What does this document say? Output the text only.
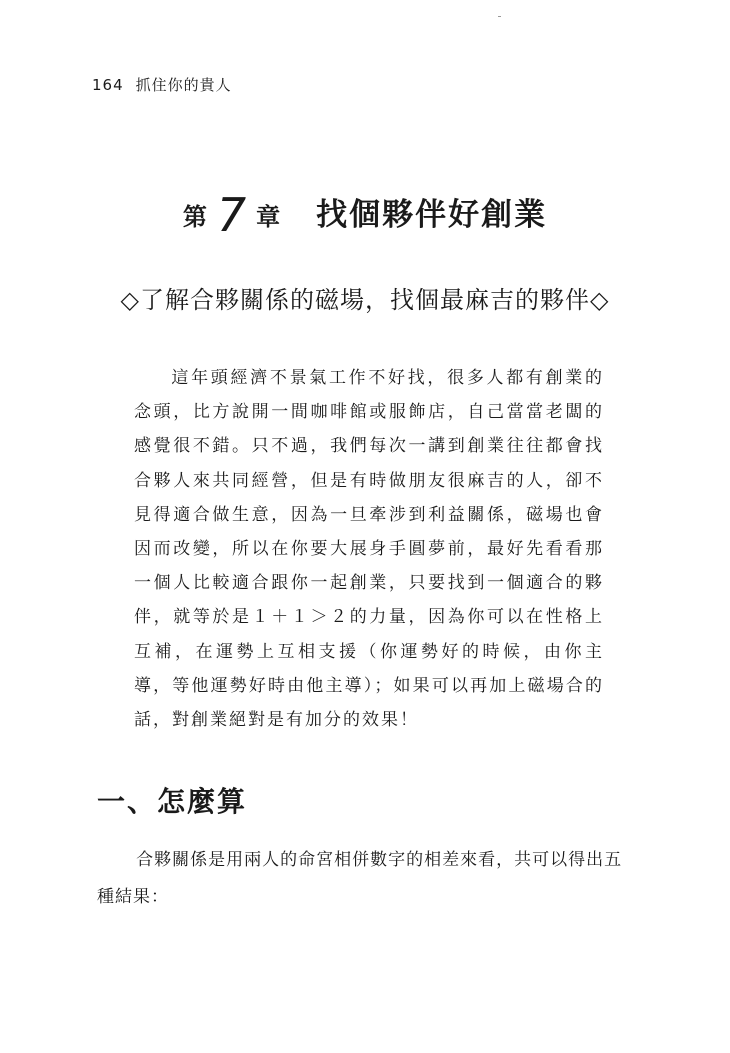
164 抓住你的貴人
第 7 章 找個夥伴好創業
◇了解合夥關係的磁場，找個最麻吉的夥伴◇
這年頭經濟不景氣工作不好找，很多人都有創業的念頭，比方說開一間咖啡館或服飾店，自己當當老闆的感覺很不錯。只不過，我們每次一講到創業往往都會找合夥人來共同經營，但是有時做朋友很麻吉的人，卻不見得適合做生意，因為一旦牽涉到利益關係，磁場也會因而改變，所以在你要大展身手圓夢前，最好先看看那一個人比較適合跟你一起創業，只要找到一個適合的夥伴，就等於是１＋１＞２的力量，因為你可以在性格上互補，在運勢上互相支援（你運勢好的時候，由你主導，等他運勢好時由他主導）；如果可以再加上磁場合的話，對創業絕對是有加分的效果！
一、怎麼算
合夥關係是用兩人的命宮相併數字的相差來看，共可以得出五種結果：
